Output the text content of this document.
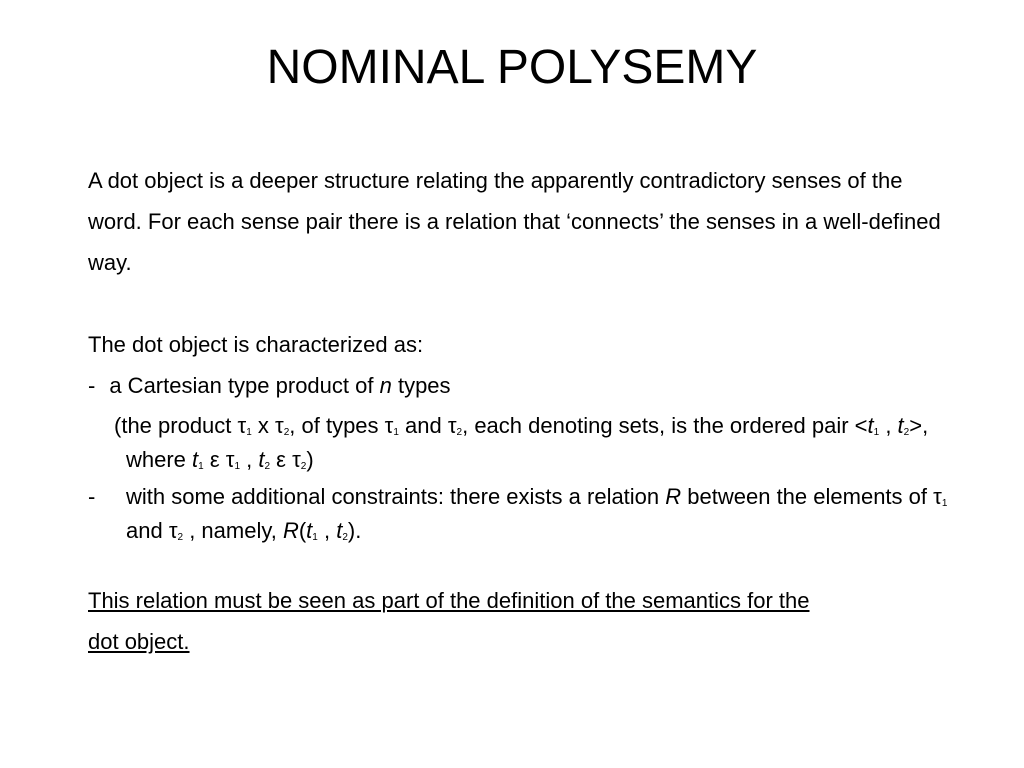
NOMINAL POLYSEMY

A dot object is a deeper structure relating the apparently contradictory senses of the word. For each sense pair there is a relation that ‘connects’ the senses in a well-defined way.

The dot object is characterized as:

- a Cartesian type product of n types

(the product $\tau_1$ x $\tau_2$, of types $\tau_1$ and $\tau_2$, each denoting sets, is the ordered pair $<t_1$ , $t_2>$, where $t_1$ ε $\tau_1$ , $t_2$ ε $\tau_2$)

- with some additional constraints: there exists a relation R between the elements of $\tau_1$ and $\tau_2$ , namely, $R(t_1$ , $t_2$).

This relation must be seen as part of the definition of the semantics for the

dot object.
